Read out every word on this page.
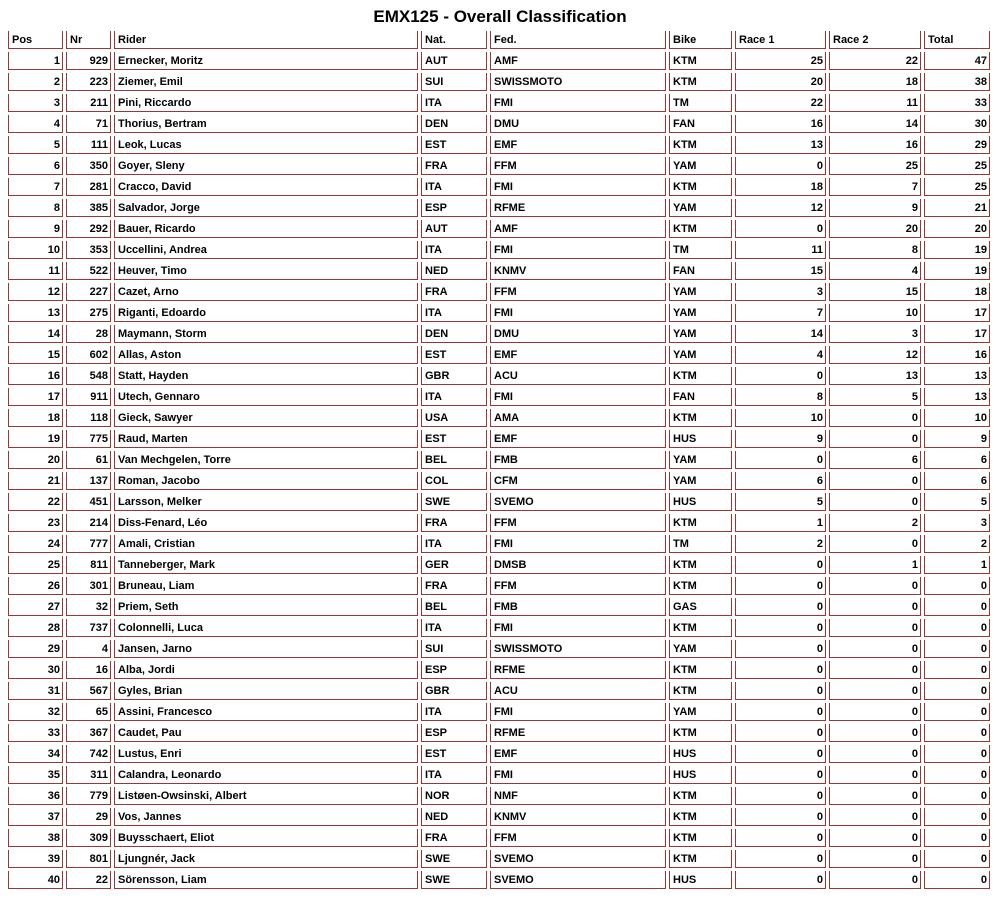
EMX125 - Overall Classification
Pos	Nr	Rider	Nat.	Fed.	Bike	Race 1	Race 2	Total
1	929	Ernecker, Moritz	AUT	AMF	KTM	25	22	47
2	223	Ziemer, Emil	SUI	SWISSMOTO	KTM	20	18	38
3	211	Pini, Riccardo	ITA	FMI	TM	22	11	33
4	71	Thorius, Bertram	DEN	DMU	FAN	16	14	30
5	111	Leok, Lucas	EST	EMF	KTM	13	16	29
6	350	Goyer, Sleny	FRA	FFM	YAM	0	25	25
7	281	Cracco, David	ITA	FMI	KTM	18	7	25
8	385	Salvador, Jorge	ESP	RFME	YAM	12	9	21
9	292	Bauer, Ricardo	AUT	AMF	KTM	0	20	20
10	353	Uccellini, Andrea	ITA	FMI	TM	11	8	19
11	522	Heuver, Timo	NED	KNMV	FAN	15	4	19
12	227	Cazet, Arno	FRA	FFM	YAM	3	15	18
13	275	Riganti, Edoardo	ITA	FMI	YAM	7	10	17
14	28	Maymann, Storm	DEN	DMU	YAM	14	3	17
15	602	Allas, Aston	EST	EMF	YAM	4	12	16
16	548	Statt, Hayden	GBR	ACU	KTM	0	13	13
17	911	Utech, Gennaro	ITA	FMI	FAN	8	5	13
18	118	Gieck, Sawyer	USA	AMA	KTM	10	0	10
19	775	Raud, Marten	EST	EMF	HUS	9	0	9
20	61	Van Mechgelen, Torre	BEL	FMB	YAM	0	6	6
21	137	Roman, Jacobo	COL	CFM	YAM	6	0	6
22	451	Larsson, Melker	SWE	SVEMO	HUS	5	0	5
23	214	Diss-Fenard, Léo	FRA	FFM	KTM	1	2	3
24	777	Amali, Cristian	ITA	FMI	TM	2	0	2
25	811	Tanneberger, Mark	GER	DMSB	KTM	0	1	1
26	301	Bruneau, Liam	FRA	FFM	KTM	0	0	0
27	32	Priem, Seth	BEL	FMB	GAS	0	0	0
28	737	Colonnelli, Luca	ITA	FMI	KTM	0	0	0
29	4	Jansen, Jarno	SUI	SWISSMOTO	YAM	0	0	0
30	16	Alba, Jordi	ESP	RFME	KTM	0	0	0
31	567	Gyles, Brian	GBR	ACU	KTM	0	0	0
32	65	Assini, Francesco	ITA	FMI	YAM	0	0	0
33	367	Caudet, Pau	ESP	RFME	KTM	0	0	0
34	742	Lustus, Enri	EST	EMF	HUS	0	0	0
35	311	Calandra, Leonardo	ITA	FMI	HUS	0	0	0
36	779	Listøen-Owsinski, Albert	NOR	NMF	KTM	0	0	0
37	29	Vos, Jannes	NED	KNMV	KTM	0	0	0
38	309	Buysschaert, Eliot	FRA	FFM	KTM	0	0	0
39	801	Ljungnér, Jack	SWE	SVEMO	KTM	0	0	0
40	22	Sörensson, Liam	SWE	SVEMO	HUS	0	0	0
